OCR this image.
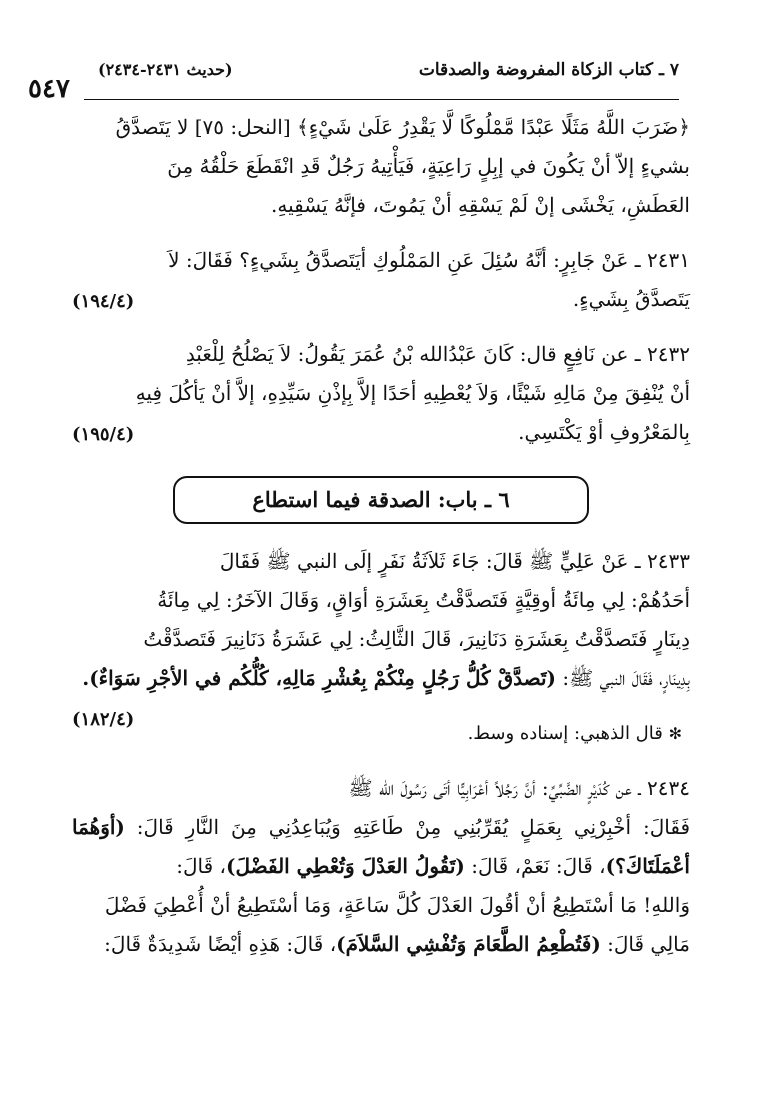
٥٤٧
(حديث ٢٤٣١-٢٤٣٤)	٧ ـ كتاب الزكاة المفروضة والصدقات

﴿ضَرَبَ اللَّهُ مَثَلًا عَبْدًا مَّمْلُوكًا لَّا يَقْدِرُ عَلَىٰ شَيْءٍ﴾ [النحل: ٧٥] لا يَتَصدَّقُ

بشيءٍ إلاّ أنْ يَكُونَ في إبِلٍ رَاعِيَةٍ، فَيَأْتِيهُ رَجُلٌ قَدِ انْقَطَعَ حَلْقُهُ مِنَ

العَطَشِ، يَخْشَى إنْ لَمْ يَسْقِهِ أنْ يَمُوتَ، فإنَّهُ يَسْقِيهِ.

٢٤٣١ ـ عَنْ جَابِرٍ: أنَّهُ سُئِلَ عَنِ المَمْلُوكِ أيَتَصدَّقُ بِشَيءٍ؟ فَقَالَ: لاَ

يَتَصدَّقُ بِشَيءٍ.
(١٩٤/٤)

٢٤٣٢ ـ عن نَافِعٍ قال: كَانَ عَبْدُالله بْنُ عُمَرَ يَقُولُ: لاَ يَصْلُحُ لِلْعَبْدِ

أنْ يُنْفِقَ مِنْ مَالِهِ شَيْئًا، وَلاَ يُعْطِيهِ أحَدًا إلاَّ بِإذْنِ سَيِّدِهِ، إلاَّ أنْ يَأكُلَ فِيهِ

بِالمَعْرُوفِ أوْ يَكْتَسِي.
(١٩٥/٤)

٦ ـ باب: الصدقة فيما استطاع

٢٤٣٣ ـ عَنْ عَلِيٍّ ﷺ قَالَ: جَاءَ ثَلاَثَةُ نَفَرٍ إلَى النبي ﷺ فَقَالَ

أحَدُهُمْ: لِي مِائَةُ أوقِيَّةٍ فَتَصدَّقْتُ بِعَشَرَةِ أوَاقٍ، وَقَالَ الآخَرُ: لِي مِائَةُ

دِينَارٍ فَتَصدَّقْتُ بِعَشَرَةِ دَنَانِيرَ، قَالَ الثَّالِثُ: لِي عَشَرَةُ دَنَانِيرَ فَتَصدَّقْتُ

بِدِينَارٍ، فَقَالَ النبي ﷺ: (تَصدَّقْ كُلُّ رَجُلٍ مِنْكُمْ بِعُشْرِ مَالِهِ، كُلُّكُم في الأجْرِ سَوَاءٌ).
(١٨٢/٤)

✻ قال الذهبي: إسناده وسط.

٢٤٣٤ ـ عن كُدَيْرٍ الضَّبِّيِّ: أنَّ رَجُلاً أعْرَابِيًّا أتَى رَسُولَ الله ﷺ

فَقَالَ: أخْبِرْنِي بِعَمَلٍ يُقَرِّبُنِي مِنْ طَاعَتِهِ وَيُبَاعِدُنِي مِنَ النَّارِ قَالَ: (أوَهُمَا أعْمَلَتَاكَ؟)، قَالَ: نَعَمْ، قَالَ: (تَقُولُ العَدْلَ وَتُعْطِي الفَضْلَ)، قَالَ:

وَاللهِ! مَا أسْتَطِيعُ أنْ أقُولَ العَدْلَ كُلَّ سَاعَةٍ، وَمَا أسْتَطِيعُ أنْ أُعْطِيَ فَضْلَ

مَالِي قَالَ: (فَتُطْعِمُ الطَّعَامَ وَتُفْشِي السَّلاَمَ)، قَالَ: هَذِهِ أيْضًا شَدِيدَةٌ قَالَ:
